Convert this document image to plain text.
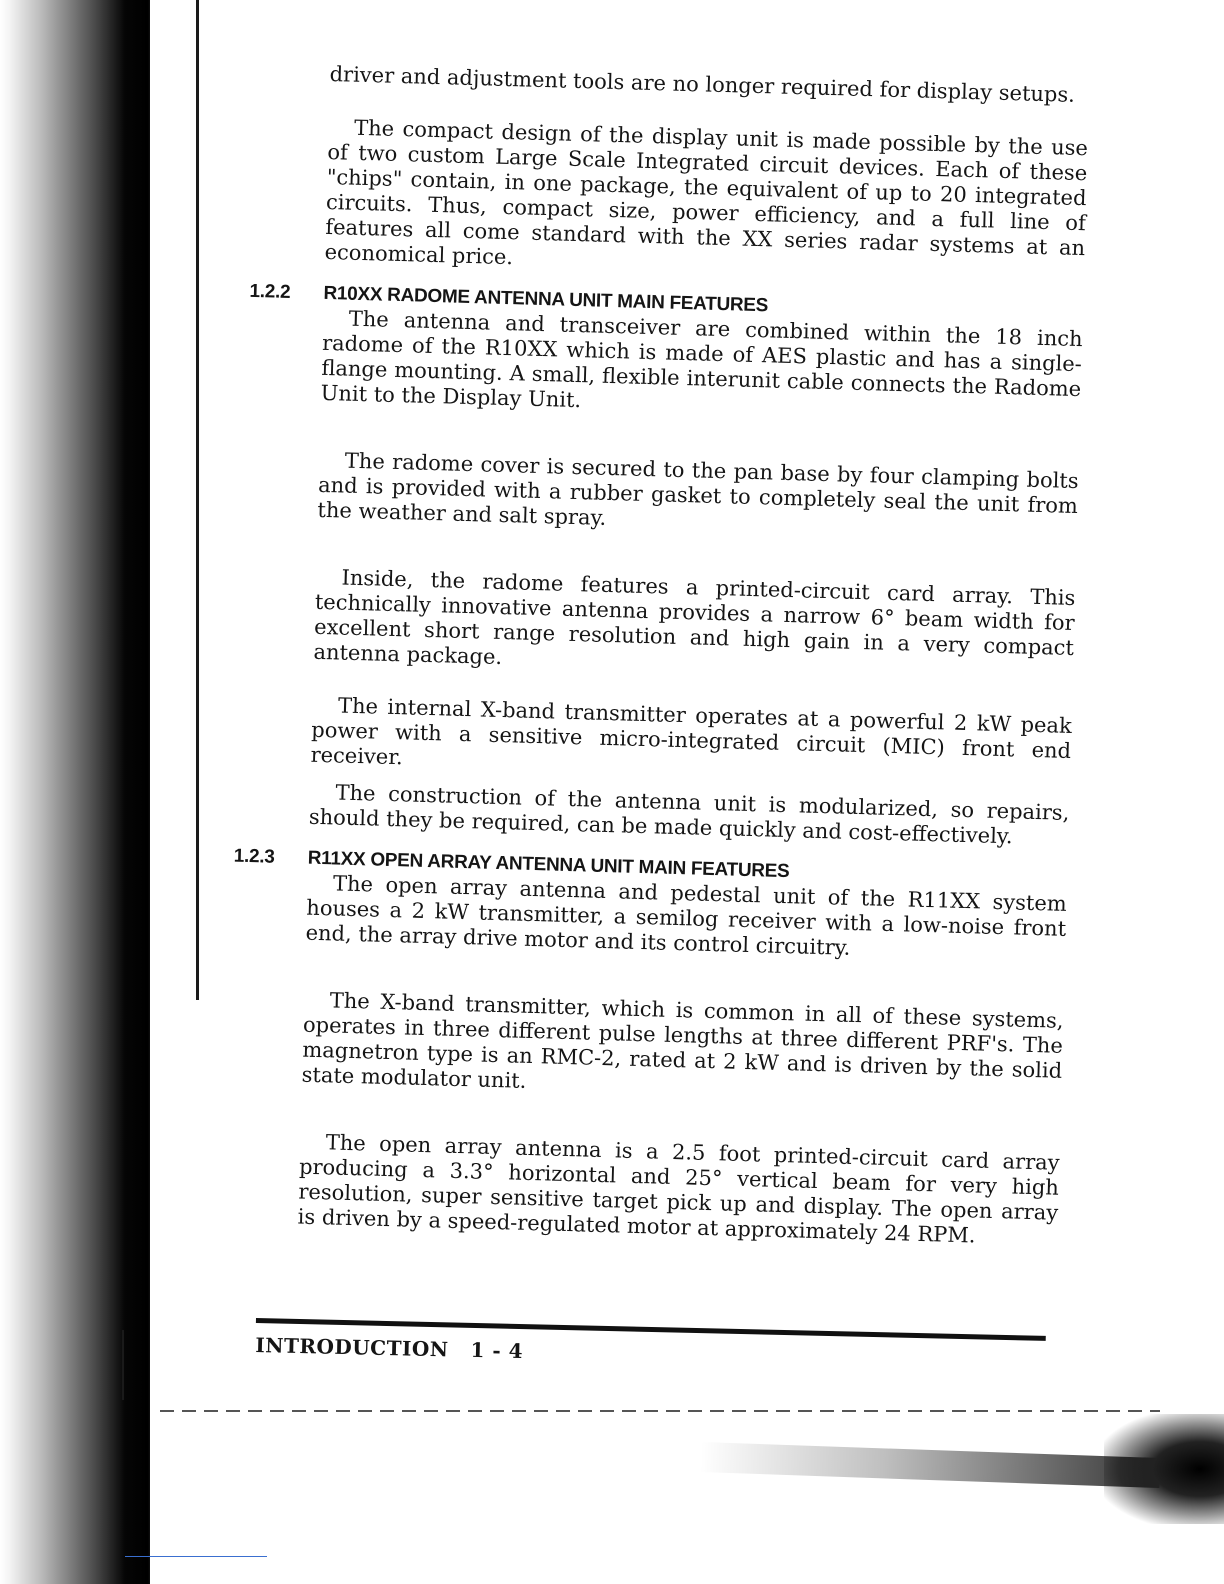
driver and adjustment tools are no longer required for display setups.

The compact design of the display unit is made possible by the use of two custom Large Scale Integrated circuit devices. Each of these "chips" contain, in one package, the equivalent of up to 20 integrated circuits. Thus, compact size, power efficiency, and a full line of features all come standard with the XX series radar systems at an economical price.

1.2.2	R10XX RADOME ANTENNA UNIT MAIN FEATURES

The antenna and transceiver are combined within the 18 inch radome of the R10XX which is made of AES plastic and has a single-flange mounting. A small, flexible interunit cable connects the Radome Unit to the Display Unit.

The radome cover is secured to the pan base by four clamping bolts and is provided with a rubber gasket to completely seal the unit from the weather and salt spray.

Inside, the radome features a printed-circuit card array. This technically innovative antenna provides a narrow 6° beam width for excellent short range resolution and high gain in a very compact antenna package.

The internal X-band transmitter operates at a powerful 2 kW peak power with a sensitive micro-integrated circuit (MIC) front end receiver.

The construction of the antenna unit is modularized, so repairs, should they be required, can be made quickly and cost-effectively.

1.2.3	R11XX OPEN ARRAY ANTENNA UNIT MAIN FEATURES

The open array antenna and pedestal unit of the R11XX system houses a 2 kW transmitter, a semilog receiver with a low-noise front end, the array drive motor and its control circuitry.

The X-band transmitter, which is common in all of these systems, operates in three different pulse lengths at three different PRF's. The magnetron type is an RMC-2, rated at 2 kW and is driven by the solid state modulator unit.

The open array antenna is a 2.5 foot printed-circuit card array producing a 3.3° horizontal and 25° vertical beam for very high resolution, super sensitive target pick up and display. The open array is driven by a speed-regulated motor at approximately 24 RPM.

INTRODUCTION 1 - 4
